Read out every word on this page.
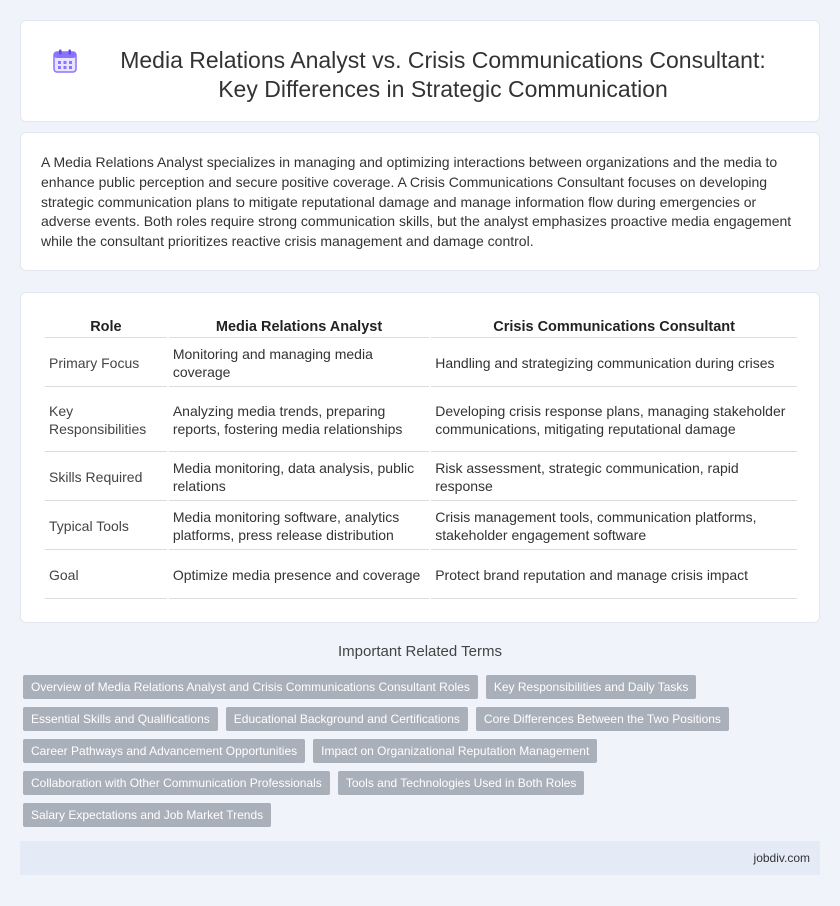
Media Relations Analyst vs. Crisis Communications Consultant: Key Differences in Strategic Communication

A Media Relations Analyst specializes in managing and optimizing interactions between organizations and the media to enhance public perception and secure positive coverage. A Crisis Communications Consultant focuses on developing strategic communication plans to mitigate reputational damage and manage information flow during emergencies or adverse events. Both roles require strong communication skills, but the analyst emphasizes proactive media engagement while the consultant prioritizes reactive crisis management and damage control.

Role	Media Relations Analyst	Crisis Communications Consultant
Primary Focus	Monitoring and managing media coverage	Handling and strategizing communication during crises
Key Responsibilities	Analyzing media trends, preparing reports, fostering media relationships	Developing crisis response plans, managing stakeholder communications, mitigating reputational damage
Skills Required	Media monitoring, data analysis, public relations	Risk assessment, strategic communication, rapid response
Typical Tools	Media monitoring software, analytics platforms, press release distribution	Crisis management tools, communication platforms, stakeholder engagement software
Goal	Optimize media presence and coverage	Protect brand reputation and manage crisis impact
Important Related Terms
Overview of Media Relations Analyst and Crisis Communications Consultant Roles	Key Responsibilities and Daily Tasks
Essential Skills and Qualifications	Educational Background and Certifications	Core Differences Between the Two Positions
Career Pathways and Advancement Opportunities	Impact on Organizational Reputation Management
Collaboration with Other Communication Professionals	Tools and Technologies Used in Both Roles
Salary Expectations and Job Market Trends
jobdiv.com
